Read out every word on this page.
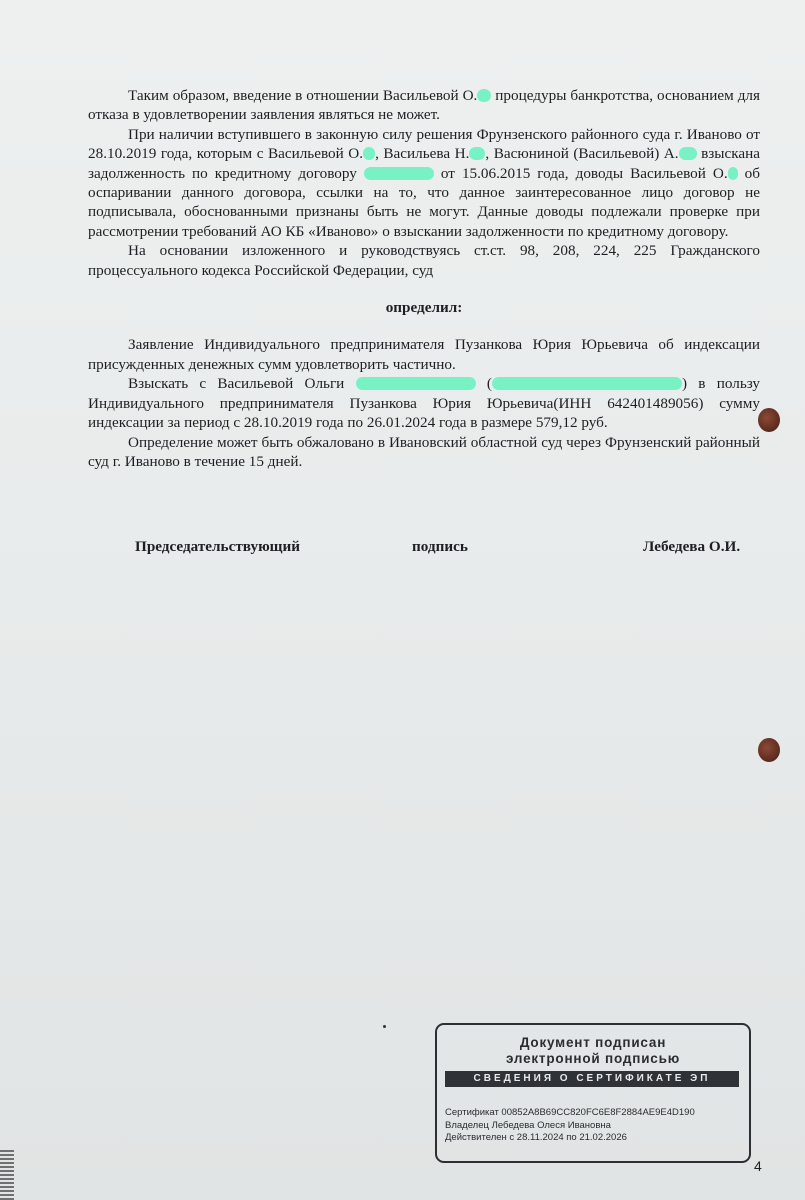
Таким образом, введение в отношении Васильевой О. процедуры банкротства, основанием для отказа в удовлетворении заявления являться не может.

При наличии вступившего в законную силу решения Фрунзенского районного суда г. Иваново от 28.10.2019 года, которым с Васильевой О. , Васильева Н. , Васюниной (Васильевой) А. взыскана задолженность по кредитному договору	от 15.06.2015 года, доводы Васильевой О. об оспаривании данного договора, ссылки на то, что данное заинтересованное лицо договор не подписывала, обоснованными признаны быть не могут. Данные доводы подлежали проверке при рассмотрении требований АО КБ «Иваново» о взыскании задолженности по кредитному договору.

На основании изложенного и руководствуясь ст.ст. 98, 208, 224, 225 Гражданского процессуального кодекса Российской Федерации, суд

определил:

Заявление Индивидуального предпринимателя Пузанкова Юрия Юрьевича об индексации присужденных денежных сумм удовлетворить частично.

Взыскать с Васильевой Ольги	(	) в пользу Индивидуального предпринимателя Пузанкова Юрия Юрьевича(ИНН 642401489056) сумму индексации за период с 28.10.2019 года по 26.01.2024 года в размере 579,12 руб.

Определение может быть обжаловано в Ивановский областной суд через Фрунзенский районный суд г. Иваново в течение 15 дней.

Председательствующий	подпись	Лебедева О.И.
Документ подписан
электронной подписью
СВЕДЕНИЯ О СЕРТИФИКАТЕ ЭП
Сертификат 00852A8B69CC820FC6E8F2884AE9E4D190
Владелец Лебедева Олеся Ивановна
Действителен с 28.11.2024 по 21.02.2026
4
